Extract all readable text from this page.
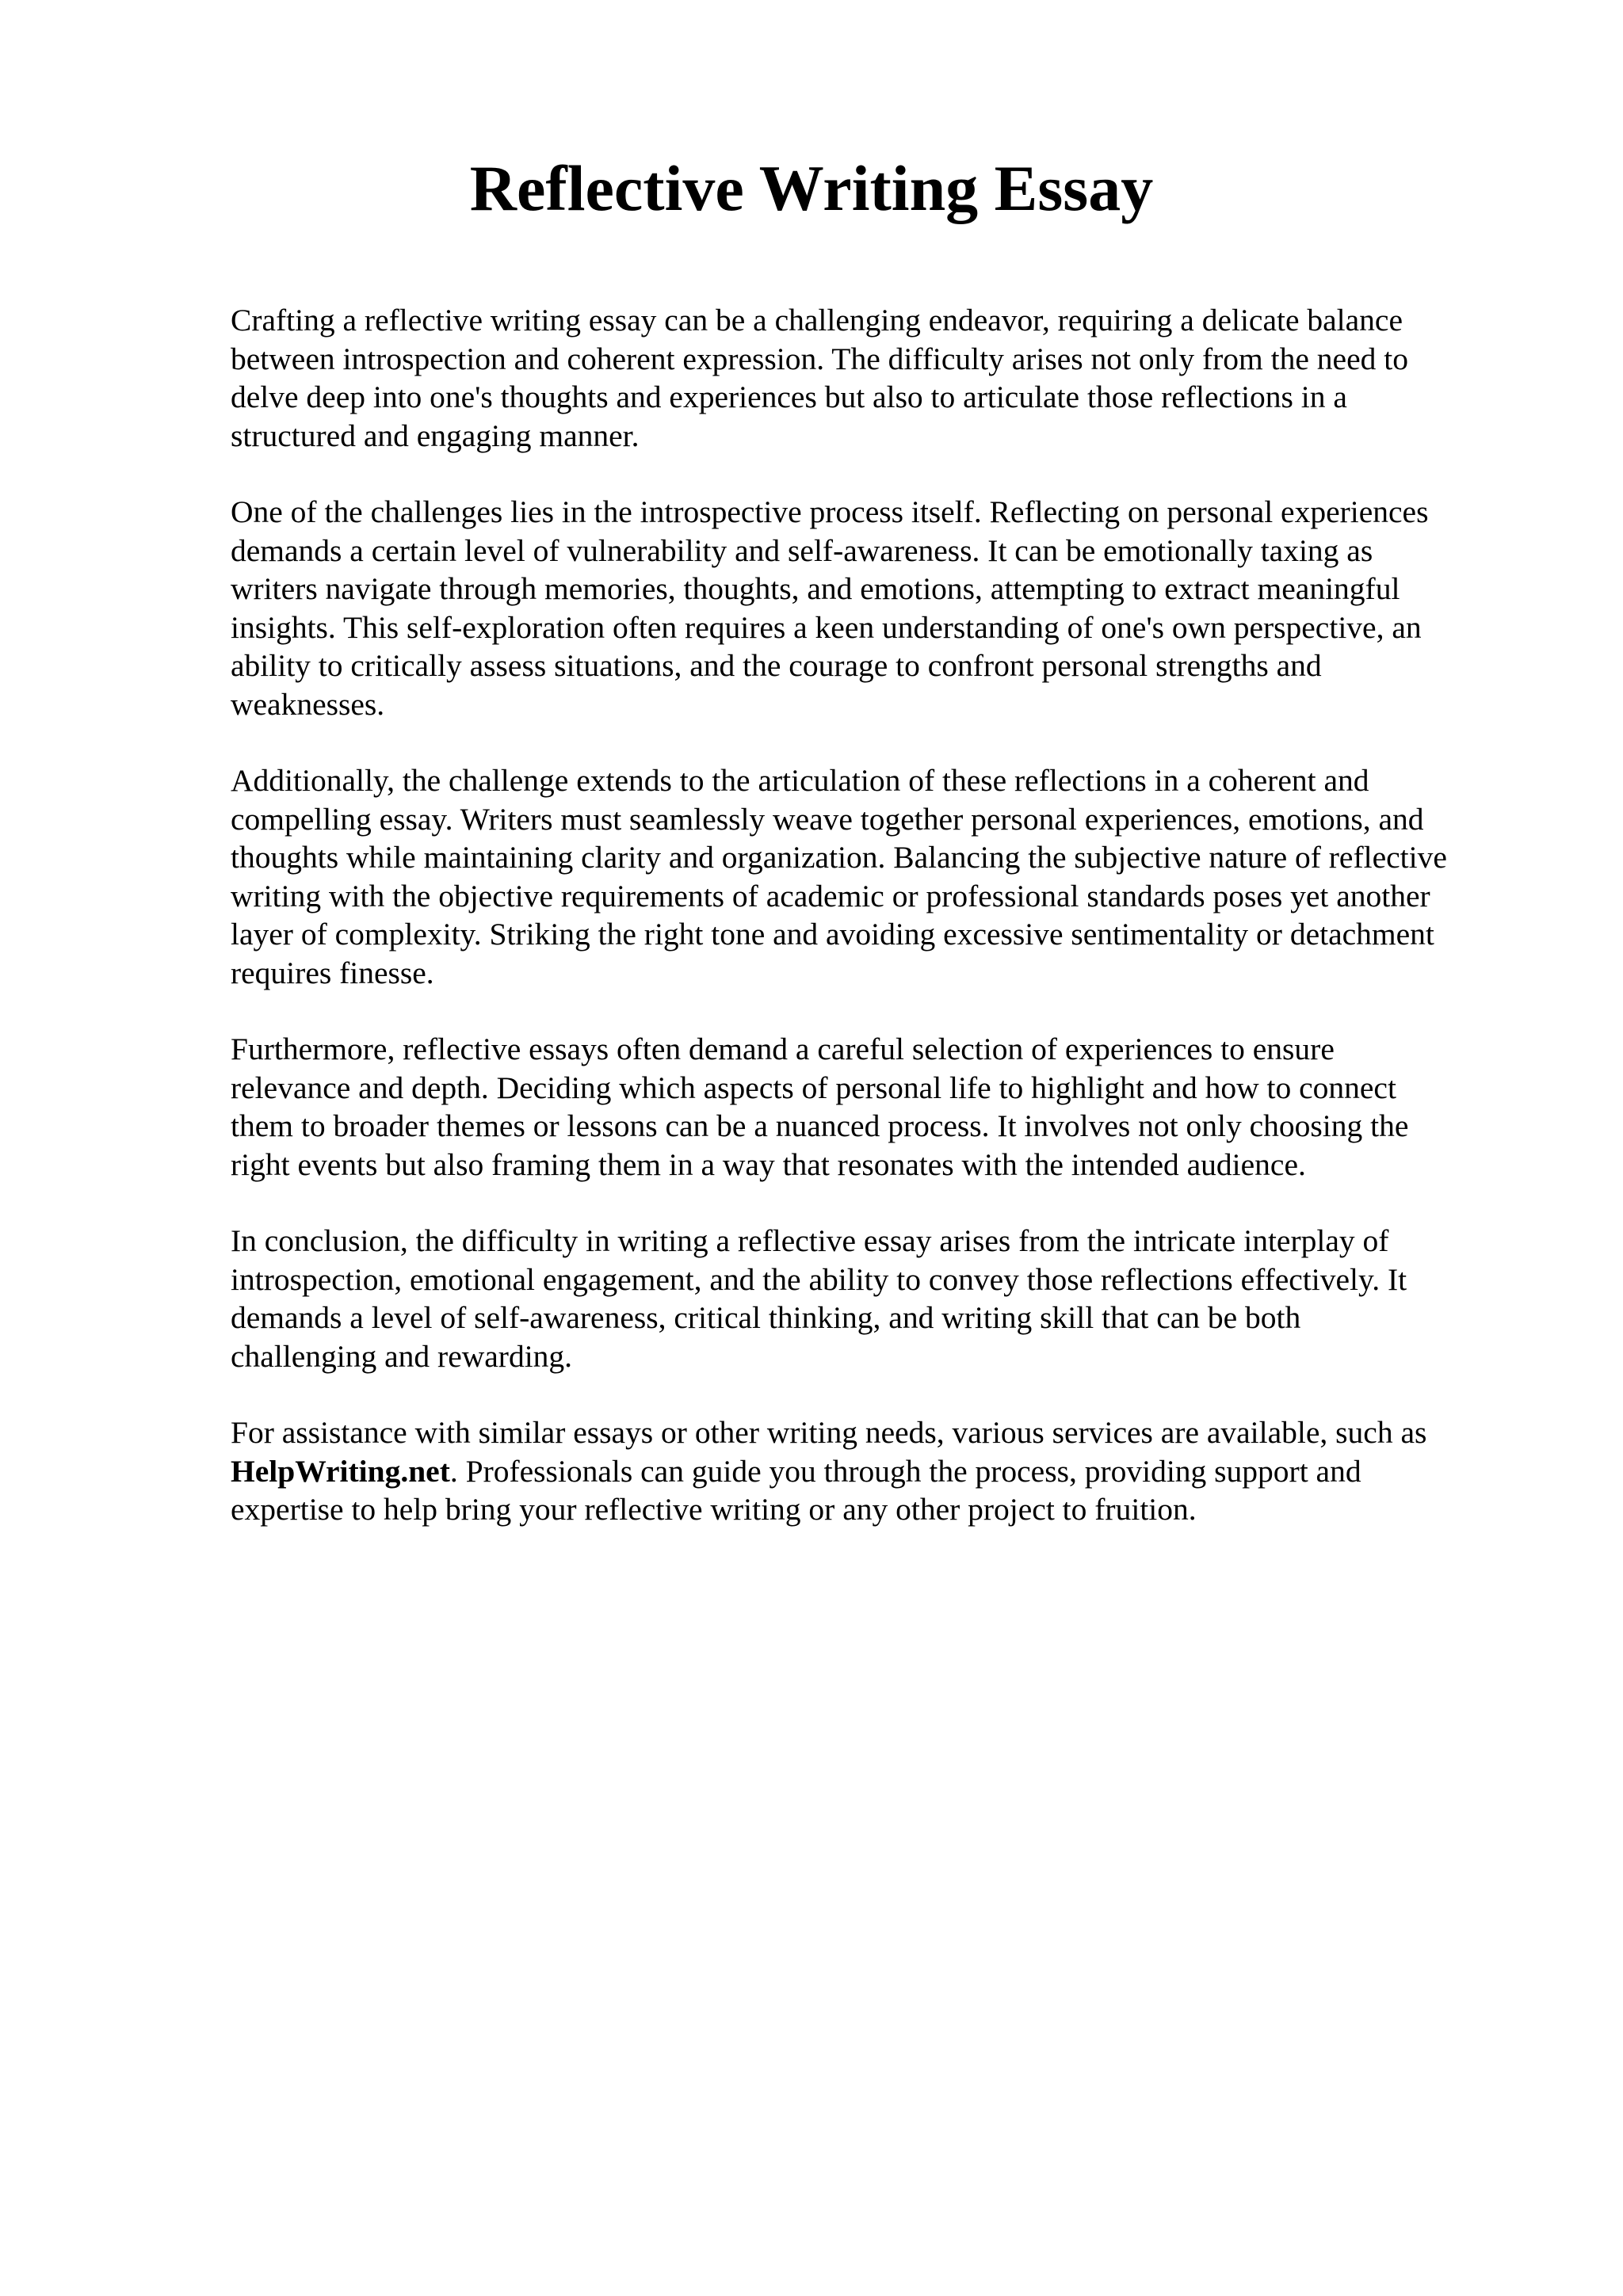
Reflective Writing Essay

Crafting a reflective writing essay can be a challenging endeavor, requiring a delicate balance
between introspection and coherent expression. The difficulty arises not only from the need to
delve deep into one's thoughts and experiences but also to articulate those reflections in a
structured and engaging manner.

One of the challenges lies in the introspective process itself. Reflecting on personal experiences
demands a certain level of vulnerability and self-awareness. It can be emotionally taxing as
writers navigate through memories, thoughts, and emotions, attempting to extract meaningful
insights. This self-exploration often requires a keen understanding of one's own perspective, an
ability to critically assess situations, and the courage to confront personal strengths and
weaknesses.

Additionally, the challenge extends to the articulation of these reflections in a coherent and
compelling essay. Writers must seamlessly weave together personal experiences, emotions, and
thoughts while maintaining clarity and organization. Balancing the subjective nature of reflective
writing with the objective requirements of academic or professional standards poses yet another
layer of complexity. Striking the right tone and avoiding excessive sentimentality or detachment
requires finesse.

Furthermore, reflective essays often demand a careful selection of experiences to ensure
relevance and depth. Deciding which aspects of personal life to highlight and how to connect
them to broader themes or lessons can be a nuanced process. It involves not only choosing the
right events but also framing them in a way that resonates with the intended audience.

In conclusion, the difficulty in writing a reflective essay arises from the intricate interplay of
introspection, emotional engagement, and the ability to convey those reflections effectively. It
demands a level of self-awareness, critical thinking, and writing skill that can be both
challenging and rewarding.

For assistance with similar essays or other writing needs, various services are available, such as
HelpWriting.net. Professionals can guide you through the process, providing support and
expertise to help bring your reflective writing or any other project to fruition.
